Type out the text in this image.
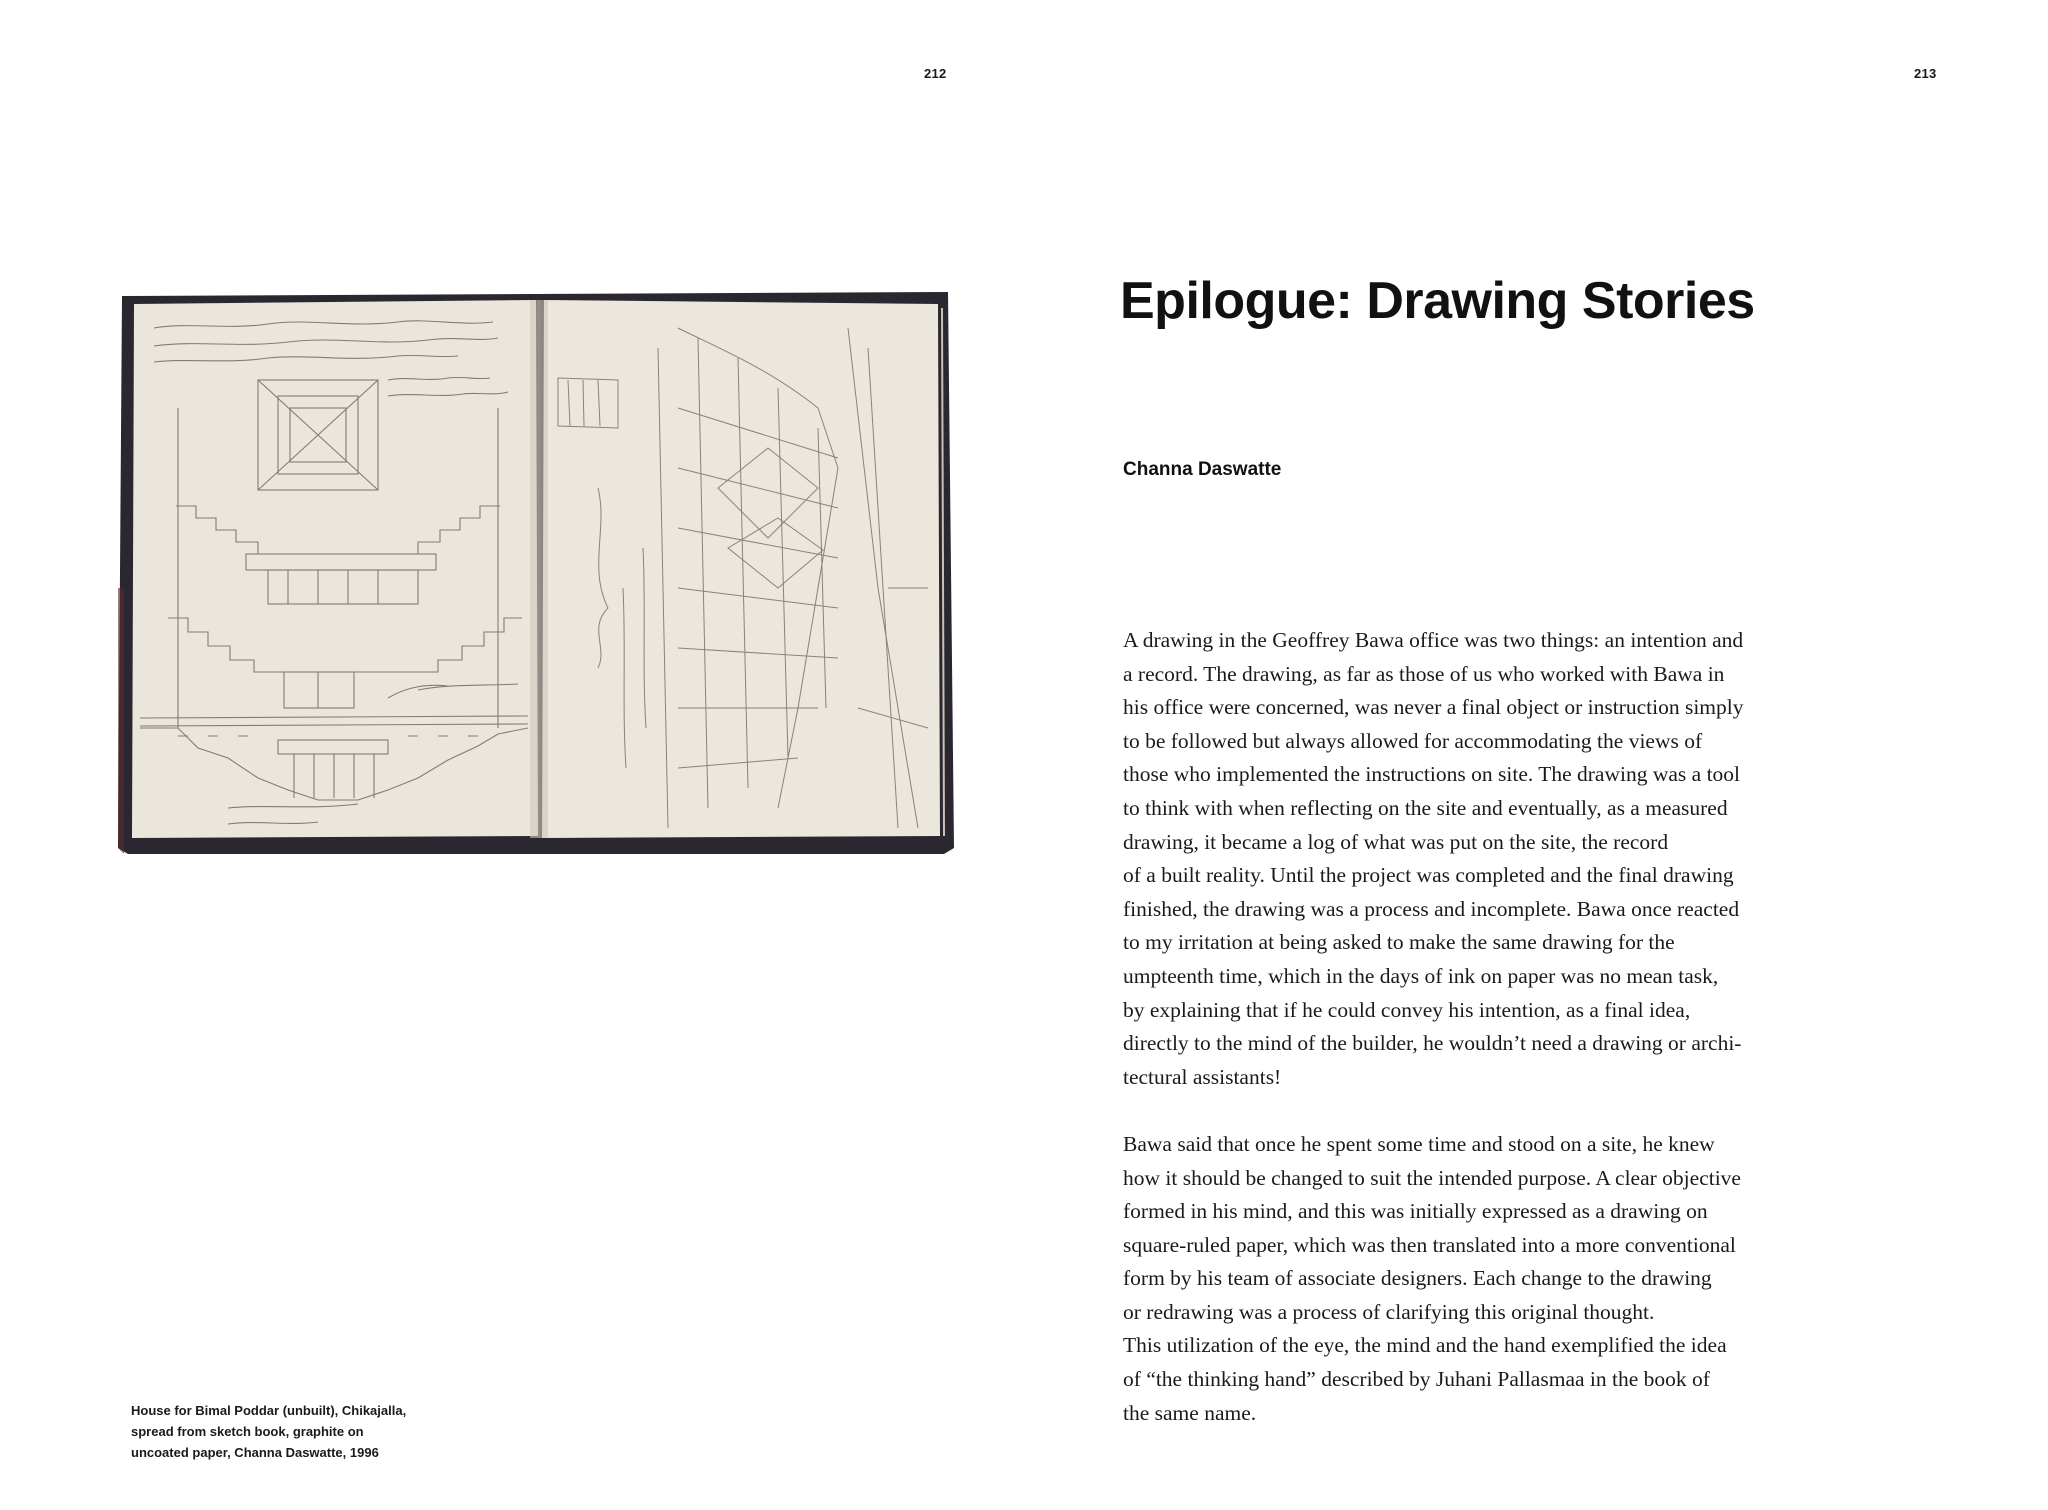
212
House for Bimal Poddar (unbuilt), Chikajalla,
spread from sketch book, graphite on
uncoated paper, Channa Daswatte, 1996
213
Epilogue: Drawing Stories
Channa Daswatte

A drawing in the Geoffrey Bawa office was two things: an intention and
a record. The drawing, as far as those of us who worked with Bawa in
his office were concerned, was never a final object or instruction simply
to be followed but always allowed for accommodating the views of
those who implemented the instructions on site. The drawing was a tool
to think with when reflecting on the site and eventually, as a measured
drawing, it became a log of what was put on the site, the record
of a built reality. Until the project was completed and the final drawing
finished, the drawing was a process and incomplete. Bawa once reacted
to my irritation at being asked to make the same drawing for the
umpteenth time, which in the days of ink on paper was no mean task,
by explaining that if he could convey his intention, as a final idea,
directly to the mind of the builder, he wouldn’t need a drawing or archi-
tectural assistants!

Bawa said that once he spent some time and stood on a site, he knew
how it should be changed to suit the intended purpose. A clear objective
formed in his mind, and this was initially expressed as a drawing on
square-ruled paper, which was then translated into a more conventional
form by his team of associate designers. Each change to the drawing
or redrawing was a process of clarifying this original thought.
This utilization of the eye, the mind and the hand exemplified the idea
of “the thinking hand” described by Juhani Pallasmaa in the book of
the same name.
